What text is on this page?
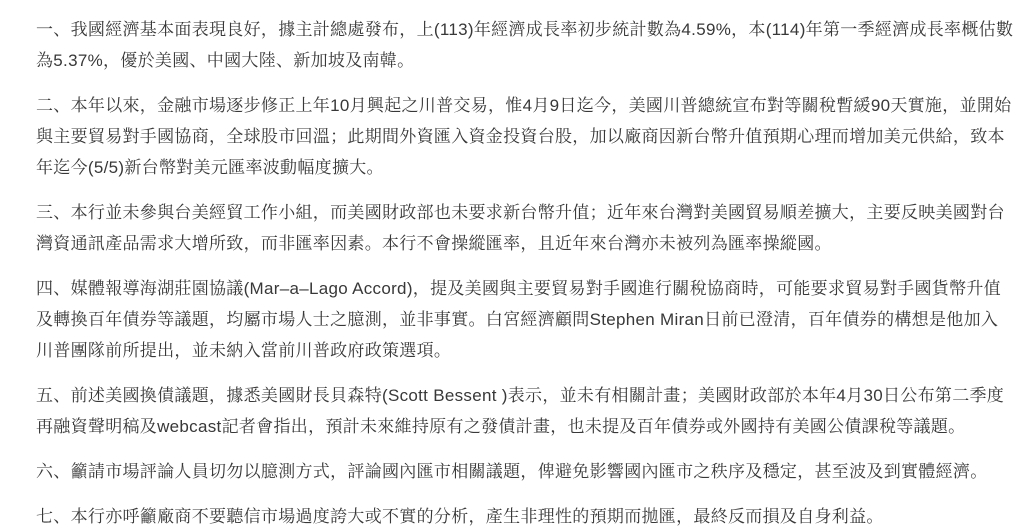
一、我國經濟基本面表現良好，據主計總處發布，上(113)年經濟成長率初步統計數為4.59%，本(114)年第一季經濟成長率概估數為5.37%，優於美國、中國大陸、新加坡及南韓。

二、本年以來，金融市場逐步修正上年10月興起之川普交易，惟4月9日迄今，美國川普總統宣布對等關稅暫緩90天實施，並開始與主要貿易對手國協商，全球股市回溫；此期間外資匯入資金投資台股，加以廠商因新台幣升值預期心理而增加美元供給，致本年迄今(5/5)新台幣對美元匯率波動幅度擴大。

三、本行並未參與台美經貿工作小組，而美國財政部也未要求新台幣升值；近年來台灣對美國貿易順差擴大，主要反映美國對台灣資通訊產品需求大增所致，而非匯率因素。本行不會操縱匯率，且近年來台灣亦未被列為匯率操縱國。

四、媒體報導海湖莊園協議(Mar–a–Lago Accord)，提及美國與主要貿易對手國進行關稅協商時，可能要求貿易對手國貨幣升值及轉換百年債券等議題，均屬市場人士之臆測，並非事實。白宮經濟顧問Stephen Miran日前已澄清，百年債券的構想是他加入川普團隊前所提出，並未納入當前川普政府政策選項。

五、前述美國換債議題，據悉美國財長貝森特(Scott Bessent )表示，並未有相關計畫；美國財政部於本年4月30日公布第二季度再融資聲明稿及webcast記者會指出，預計未來維持原有之發債計畫，也未提及百年債券或外國持有美國公債課稅等議題。

六、籲請市場評論人員切勿以臆測方式，評論國內匯市相關議題，俾避免影響國內匯市之秩序及穩定，甚至波及到實體經濟。

七、本行亦呼籲廠商不要聽信市場過度誇大或不實的分析，產生非理性的預期而拋匯，最終反而損及自身利益。
